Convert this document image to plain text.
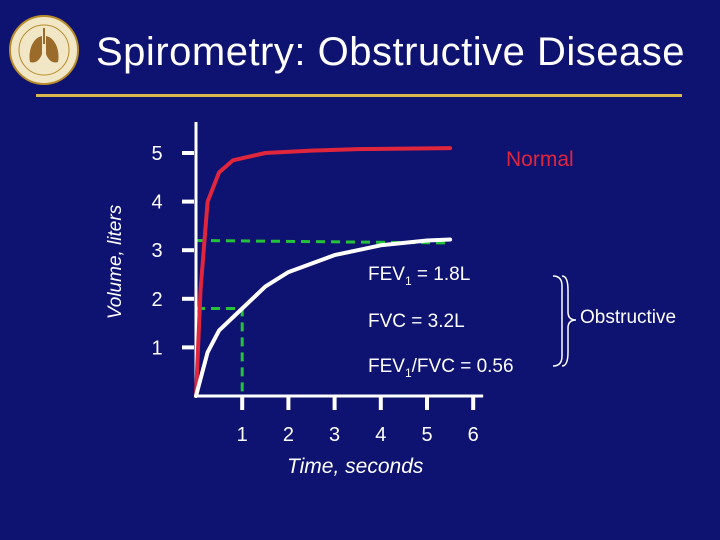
Spirometry: Obstructive Disease
1
2
3
4
5
1 2 3 4 5 6
Volume, liters
Time, seconds
Normal
$FEV_1 = 1.8L$
FVC = 3.2L
$FEV_1$/FVC = 0.56
Obstructive
